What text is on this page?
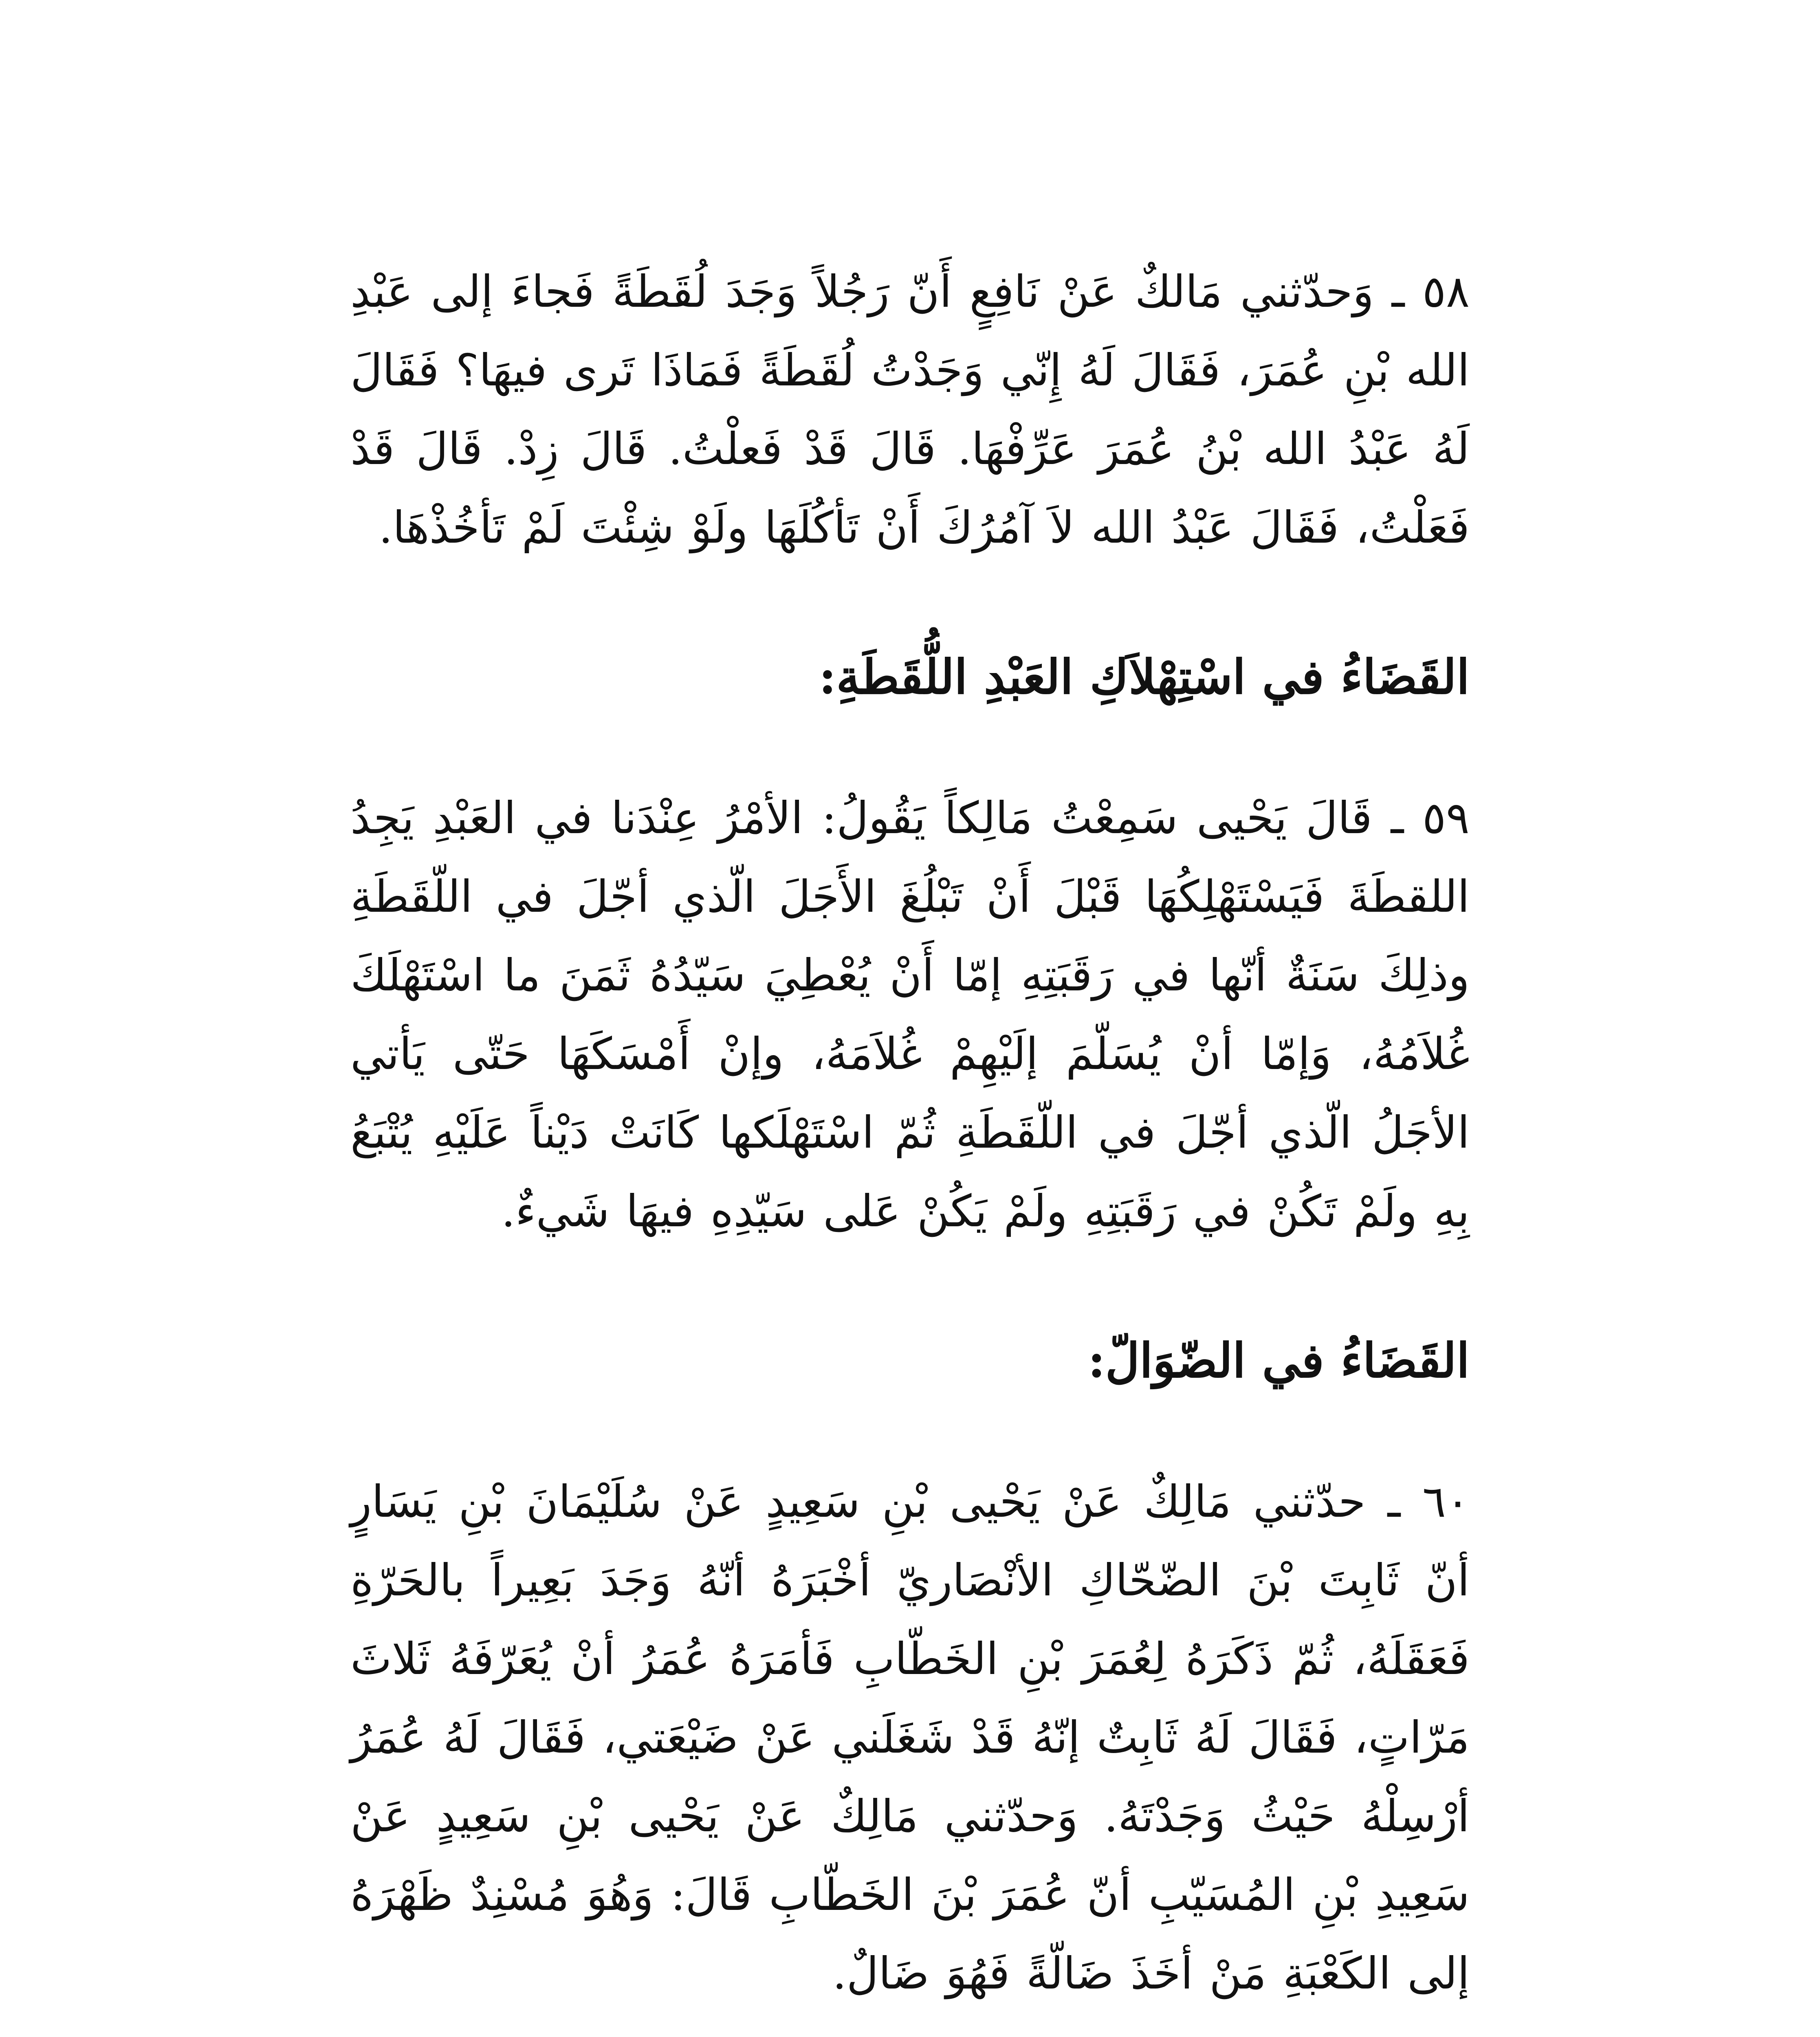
٥٨ ـ وَحدّثني مَالكٌ عَنْ نَافِعٍ أَنّ رَجُلاً وَجَدَ لُقَطَةً فَجاءَ إلى عَبْدِ الله بْنِ عُمَرَ، فَقَالَ لَهُ إِنّي وَجَدْتُ لُقَطَةً فَمَاذَا تَرى فيهَا؟ فَقَالَ لَهُ عَبْدُ الله بْنُ عُمَرَ عَرِّفْهَا. قَالَ قَدْ فَعلْتُ. قَالَ زِدْ. قَالَ قَدْ فَعَلْتُ، فَقَالَ عَبْدُ الله لاَ آمُرُكَ أَنْ تَأكُلَهَا ولَوْ شِئْتَ لَمْ تَأخُذْهَا.

القَضَاءُ في اسْتِهْلاَكِ العَبْدِ اللُّقَطَةِ:

٥٩ ـ قَالَ يَحْيى سَمِعْتُ مَالِكاً يَقُولُ: الأمْرُ عِنْدَنا في العَبْدِ يَجِدُ اللقطَةَ فَيَسْتَهْلِكُهَا قَبْلَ أَنْ تَبْلُغَ الأَجَلَ الّذي أجّلَ في اللّقَطَةِ وذلِكَ سَنَةٌ أنّها في رَقَبَتِهِ إمّا أَنْ يُعْطِيَ سَيّدُهُ ثَمَنَ ما اسْتَهْلَكَ غُلاَمُهُ، وَإمّا أنْ يُسَلّمَ إلَيْهِمْ غُلاَمَهُ، وإنْ أَمْسَكَهَا حَتّى يَأتي الأجَلُ الّذي أجّلَ في اللّقَطَةِ ثُمّ اسْتَهْلَكها كَانَتْ دَيْناً عَلَيْهِ يُتْبَعُ بِهِ ولَمْ تَكُنْ في رَقَبَتِهِ ولَمْ يَكُنْ عَلى سَيّدِهِ فيهَا شَيءٌ.

القَضَاءُ في الضّوَالّ:

٦٠ ـ حدّثني مَالِكٌ عَنْ يَحْيى بْنِ سَعِيدٍ عَنْ سُلَيْمَانَ بْنِ يَسَارٍ أنّ ثَابِتَ بْنَ الضّحّاكِ الأنْصَاريّ أخْبَرَهُ أنّهُ وَجَدَ بَعِيراً بالحَرّةِ فَعَقَلَهُ، ثُمّ ذَكَرَهُ لِعُمَرَ بْنِ الخَطّابِ فَأمَرَهُ عُمَرُ أنْ يُعَرّفَهُ ثَلاثَ مَرّاتٍ، فَقَالَ لَهُ ثَابِتٌ إنّهُ قَدْ شَغَلَني عَنْ ضَيْعَتي، فَقَالَ لَهُ عُمَرُ أرْسِلْهُ حَيْثُ وَجَدْتَهُ. وَحدّثني مَالِكٌ عَنْ يَحْيى بْنِ سَعِيدٍ عَنْ سَعِيدِ بْنِ المُسَيّبِ أنّ عُمَرَ بْنَ الخَطّابِ قَالَ: وَهُوَ مُسْنِدٌ ظَهْرَهُ إلى الكَعْبَةِ مَنْ أخَذَ ضَالّةً فَهُوَ ضَالٌ.
